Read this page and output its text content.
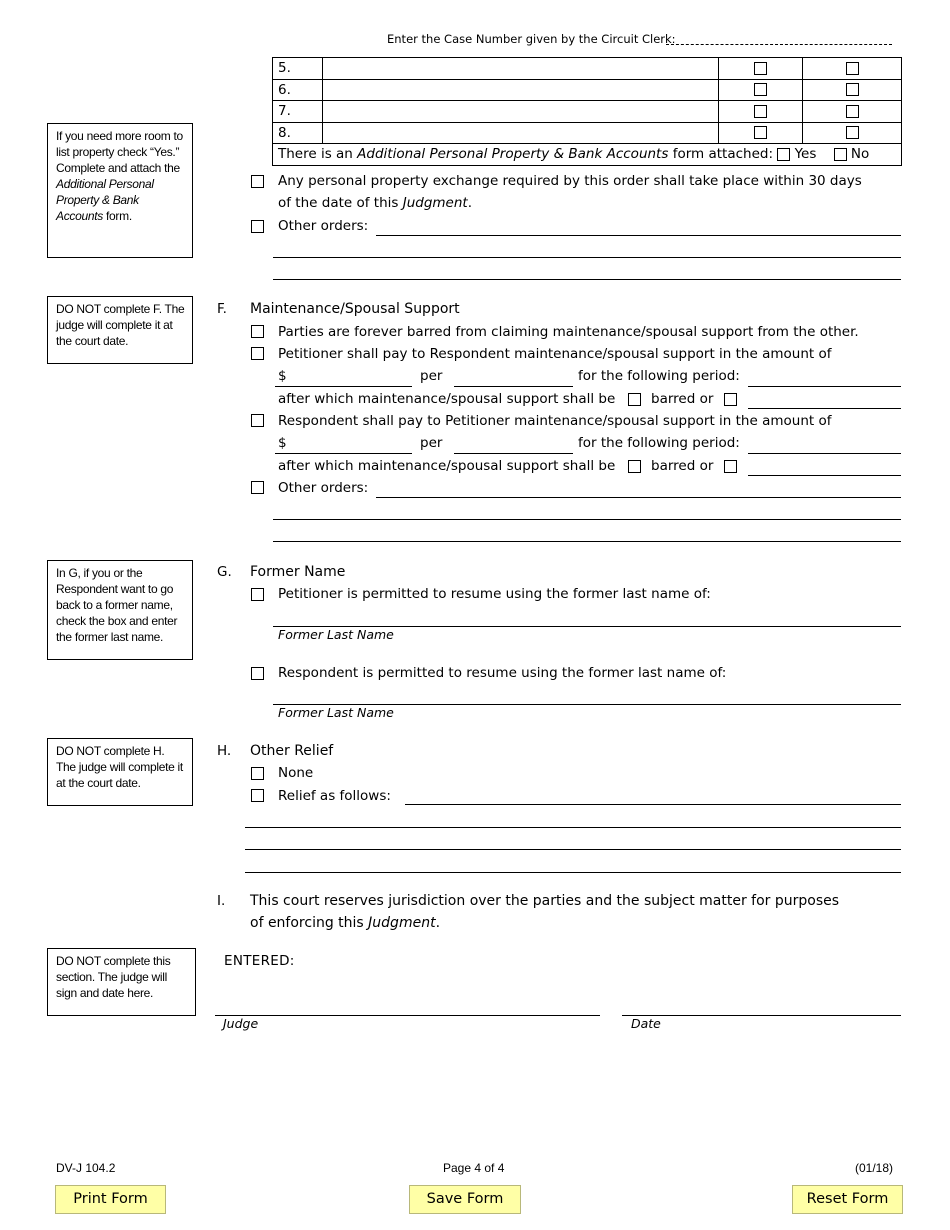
Enter the Case Number given by the Circuit Clerk:
5.			
6.			
7.			
8.			
There is an Additional Personal Property & Bank Accounts form attached: Yes No			
If you need more room to list property check “Yes.” Complete and attach the Additional Personal Property & Bank Accounts form.
DO NOT complete F. The judge will complete it at the court date.
In G, if you or the Respondent want to go back to a former name, check the box and enter the former last name.
DO NOT complete H. The judge will complete it at the court date.
DO NOT complete this section. The judge will sign and date here.
Any personal property exchange required by this order shall take place within 30 days
of the date of this Judgment.
Other orders:
F. Maintenance/Spousal Support
Parties are forever barred from claiming maintenance/spousal support from the other.
Petitioner shall pay to Respondent maintenance/spousal support in the amount of
$	per	for the following period:
after which maintenance/spousal support shall be	barred or
Respondent shall pay to Petitioner maintenance/spousal support in the amount of
$	per	for the following period:
after which maintenance/spousal support shall be	barred or
Other orders:
G. Former Name
Petitioner is permitted to resume using the former last name of:
Former Last Name
Respondent is permitted to resume using the former last name of:
Former Last Name
H. Other Relief
None
Relief as follows:
I. This court reserves jurisdiction over the parties and the subject matter for purposes
of enforcing this Judgment.
ENTERED:
Judge	Date
DV-J 104.2	Page 4 of 4	(01/18)
Print Form	Save Form	Reset Form
